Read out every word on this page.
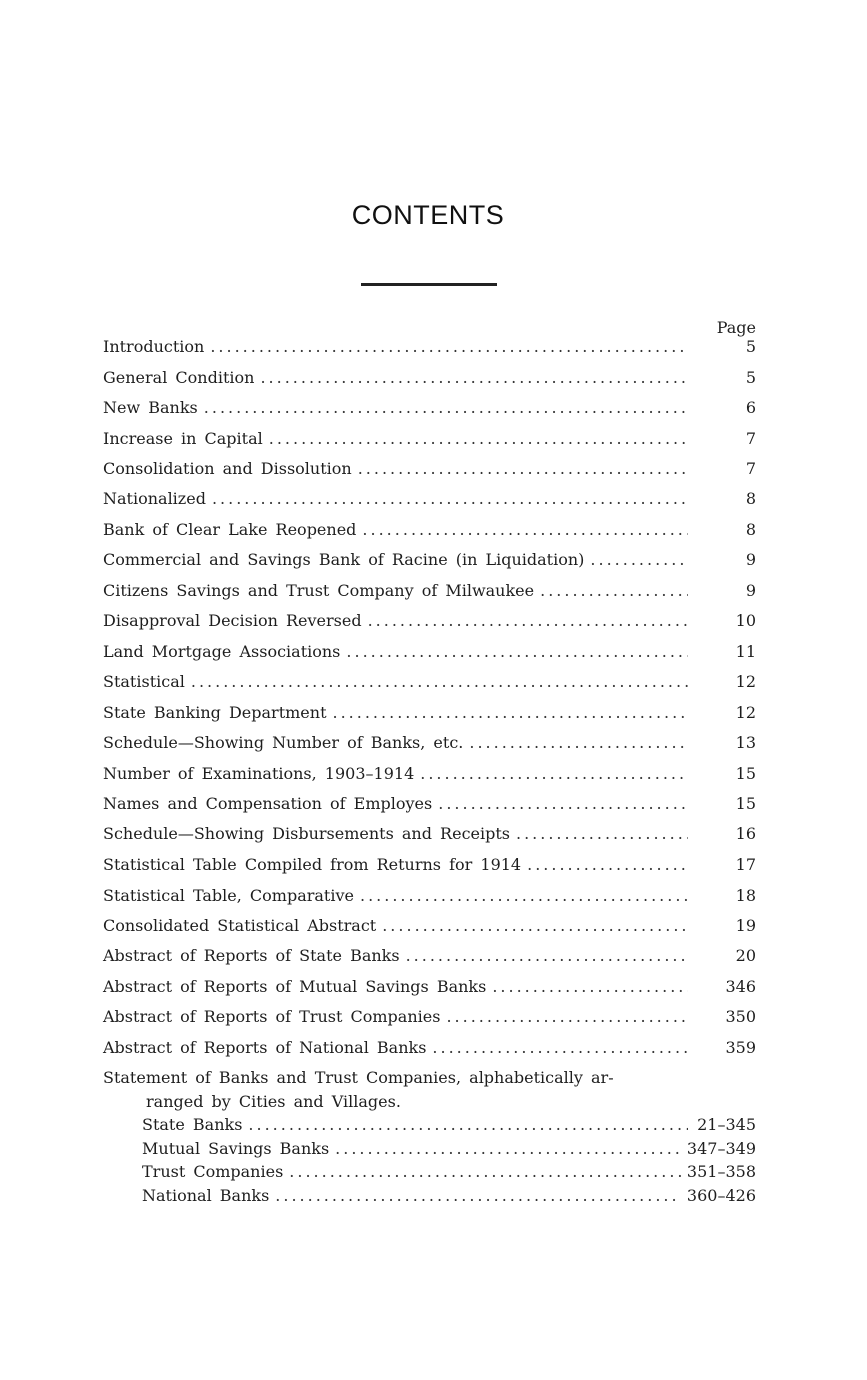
CONTENTS
Page
Introduction .....	5
General Condition .....	5
New Banks .....	6
Increase in Capital .....	7
Consolidation and Dissolution .....	7
Nationalized .....	8
Bank of Clear Lake Reopened .....	8
Commercial and Savings Bank of Racine (in Liquidation) .....	9
Citizens Savings and Trust Company of Milwaukee .....	9
Disapproval Decision Reversed .....	10
Land Mortgage Associations .....	11
Statistical .....	12
State Banking Department .....	12
Schedule—Showing Number of Banks, etc. .....	13
Number of Examinations, 1903–1914 .....	15
Names and Compensation of Employes .....	15
Schedule—Showing Disbursements and Receipts .....	16
Statistical Table Compiled from Returns for 1914 .....	17
Statistical Table, Comparative .....	18
Consolidated Statistical Abstract .....	19
Abstract of Reports of State Banks .....	20
Abstract of Reports of Mutual Savings Banks .....	346
Abstract of Reports of Trust Companies .....	350
Abstract of Reports of National Banks .....	359
Statement of Banks and Trust Companies, alphabetically ar-
ranged by Cities and Villages.
State Banks .....	21–345
Mutual Savings Banks .....	347–349
Trust Companies .....	351–358
National Banks .....	360–426
